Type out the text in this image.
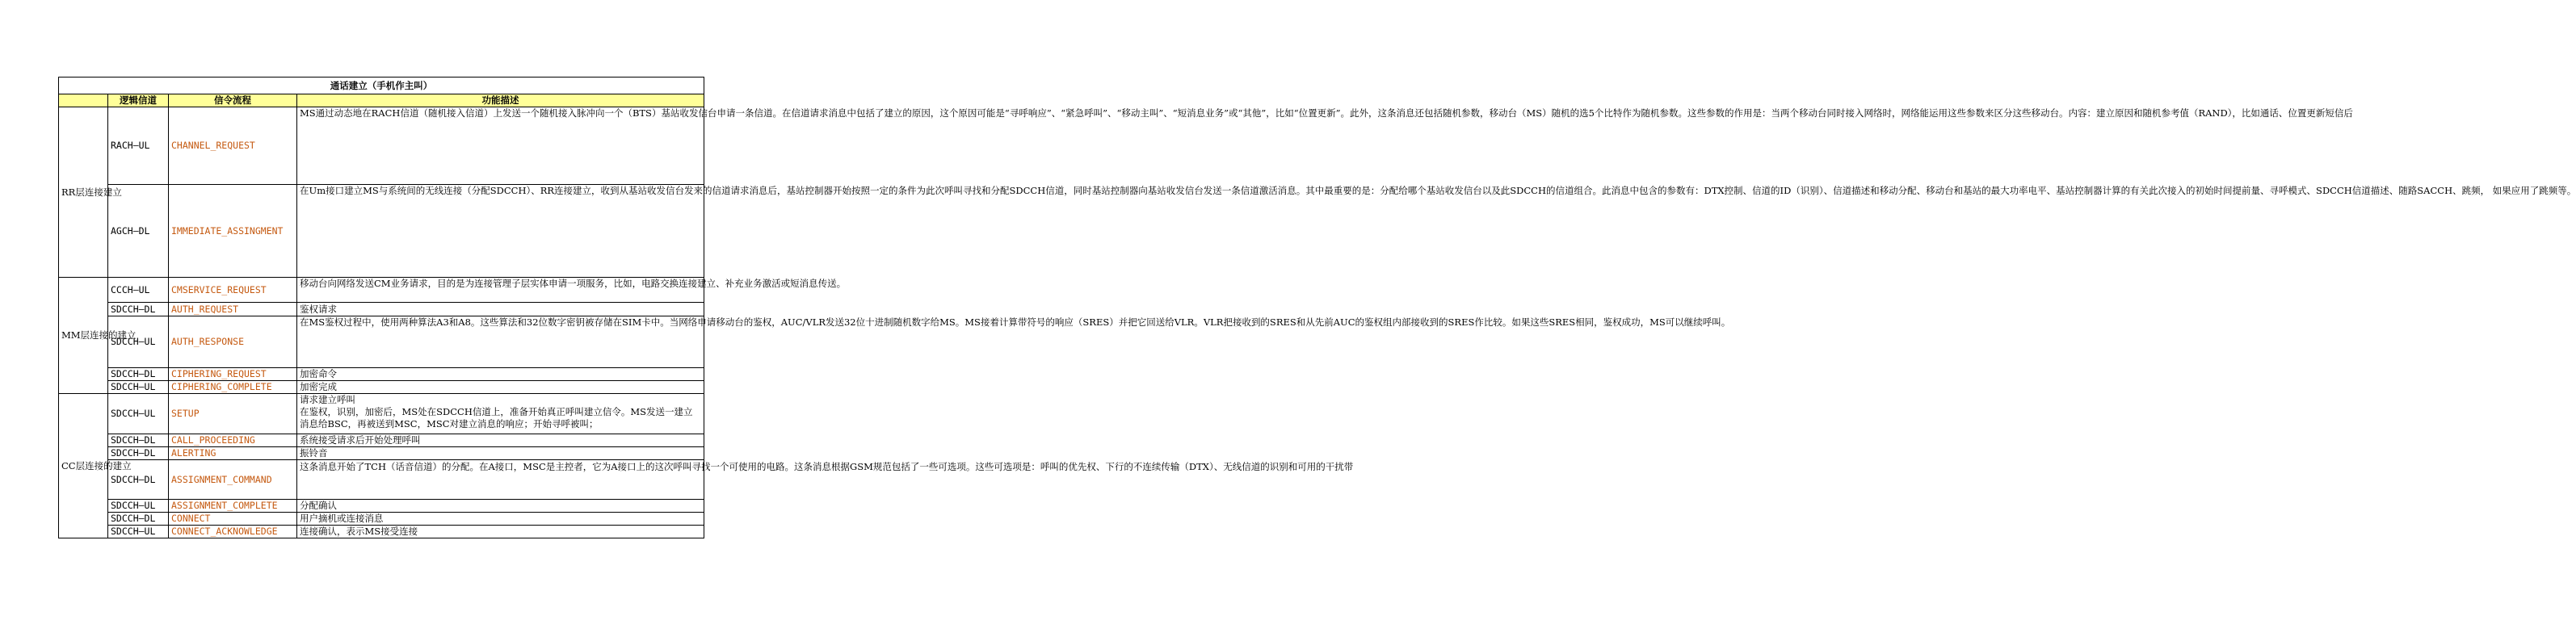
通话建立（手机作主叫）			
	逻辑信道	信令流程	功能描述
RR层连接建立	RACH—UL	CHANNEL_REQUEST	MS通过动态地在RACH信道（随机接入信道）上发送一个随机接入脉冲向一个（BTS）基站收发信台申请一条信道。在信道请求消息中包括了建立的原因，这个原因可能是“寻呼响应”、“紧急呼叫”、“移动主叫”、“短消息业务”或“其他”，比如“位置更新”。此外，这条消息还包括随机参数，移动台（MS）随机的选5个比特作为随机参数。这些参数的作用是：当两个移动台同时接入网络时，网络能运用这些参数来区分这些移动台。内容：建立原因和随机参考值（RAND），比如通话、位置更新短信后

	AGCH—DL	IMMEDIATE_ASSINGMENT	在Um接口建立MS与系统间的无线连接（分配SDCCH）、RR连接建立，收到从基站收发信台发来的信道请求消息后，基站控制器开始按照一定的条件为此次呼叫寻找和分配SDCCH信道，同时基站控制器向基站收发信台发送一条信道激活消息。其中最重要的是：分配给哪个基站收发信台以及此SDCCH的信道组合。此消息中包含的参数有：DTX控制、信道的ID（识别）、信道描述和移动分配、移动台和基站的最大功率电平、基站控制器计算的有关此次接入的初始时间提前量、寻呼模式、SDCCH信道描述、随路SACCH、跳频， 如果应用了跳频等。

MM层连接的建立	CCCH—UL	CMSERVICE_REQUEST	移动台向网络发送CM业务请求，目的是为连接管理子层实体申请一项服务，比如，电路交换连接建立、补充业务激活或短消息传送。

	SDCCH—DL	AUTH_REQUEST	鉴权请求
	SDCCH—UL	AUTH_RESPONSE	在MS鉴权过程中，使用两种算法A3和A8。这些算法和32位数字密钥被存储在SIM卡中。当网络申请移动台的鉴权，AUC/VLR发送32位十进制随机数字给MS。MS接着计算带符号的响应（SRES）并把它回送给VLR。VLR把接收到的SRES和从先前AUC的鉴权组内部接收到的SRES作比较。如果这些SRES相同，鉴权成功，MS可以继续呼叫。

	SDCCH—DL	CIPHERING_REQUEST	加密命令
	SDCCH—UL	CIPHERING_COMPLETE	加密完成
CC层连接的建立	SDCCH—UL	SETUP	请求建立呼叫
在鉴权，识别，加密后，MS处在SDCCH信道上，准备开始真正呼叫建立信令。MS发送一建立消息给BSC，再被送到MSC，MSC对建立消息的响应；开始寻呼被叫；

	SDCCH—DL	CALL_PROCEEDING	系统接受请求后开始处理呼叫
	SDCCH—DL	ALERTING	振铃音
	SDCCH—DL	ASSIGNMENT_COMMAND	这条消息开始了TCH（话音信道）的分配。在A接口，MSC是主控者，它为A接口上的这次呼叫寻找一个可使用的电路。这条消息根据GSM规范包括了一些可选项。这些可选项是：呼叫的优先权、下行的不连续传输（DTX）、无线信道的识别和可用的干扰带

	SDCCH—UL	ASSIGNMENT_COMPLETE	分配确认
	SDCCH—DL	CONNECT	用户摘机或连接消息
	SDCCH—UL	CONNECT_ACKNOWLEDGE	连接确认，表示MS接受连接
